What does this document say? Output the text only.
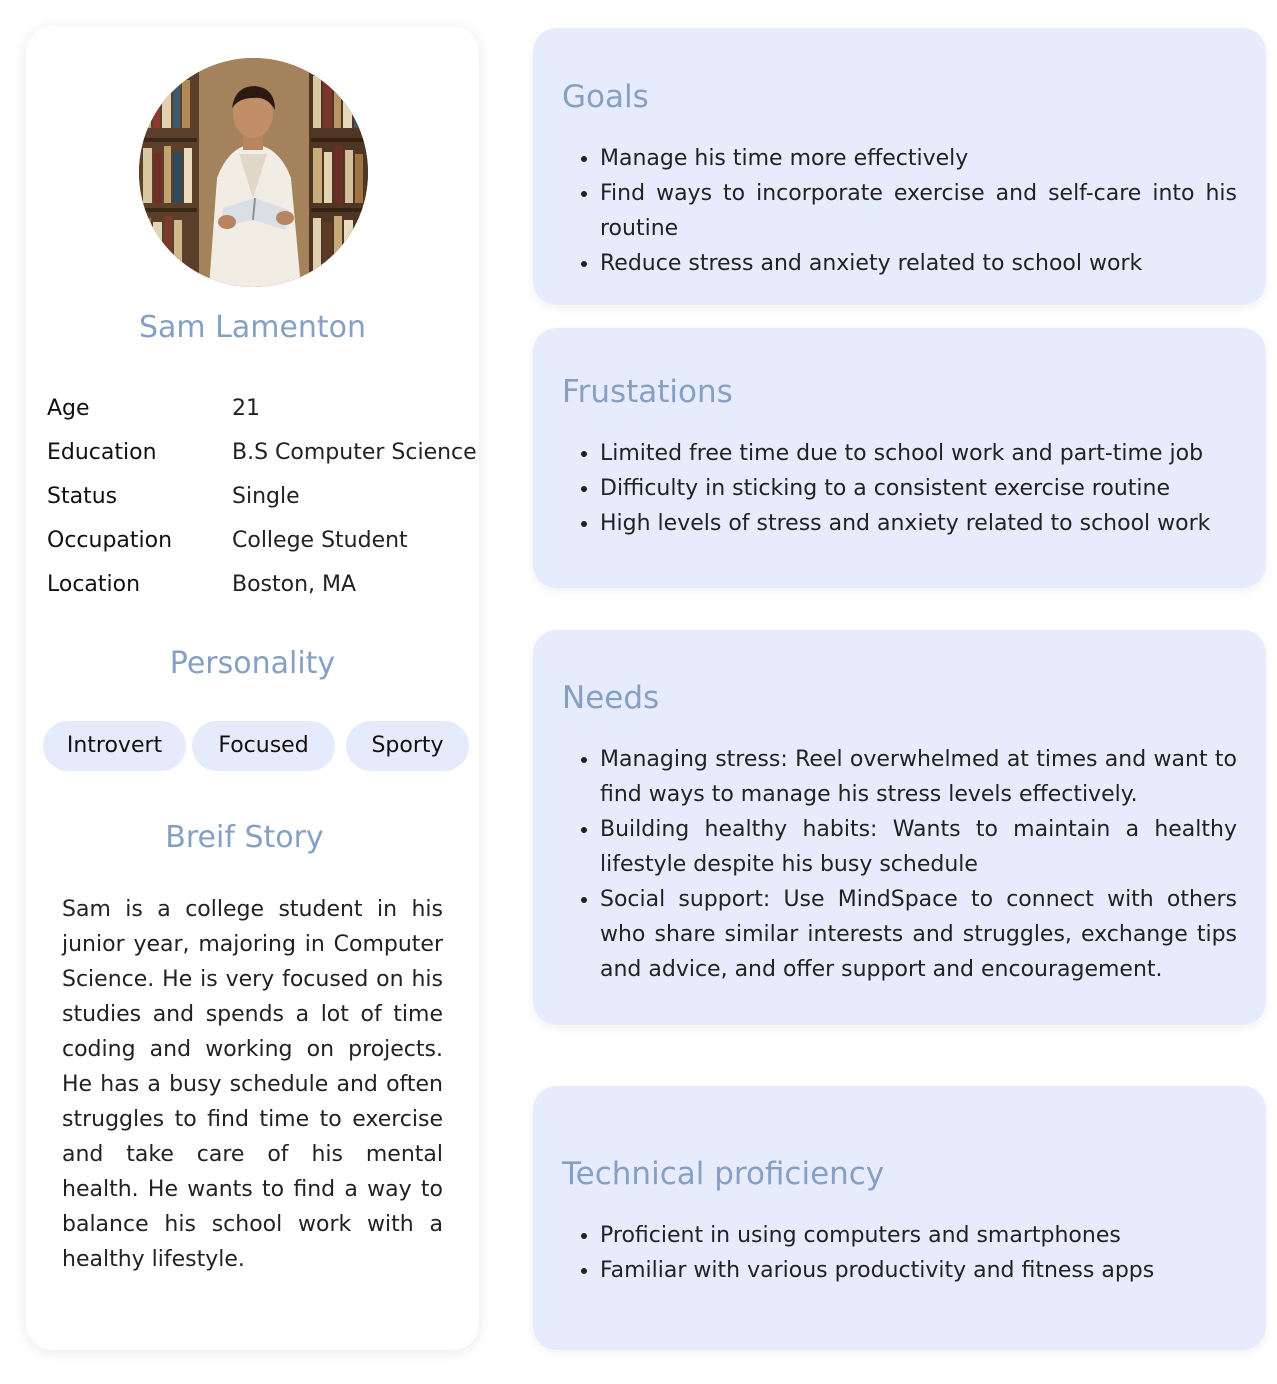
Sam Lamenton
Age	21
Education	B.S Computer Science
Status	Single
Occupation	College Student
Location	Boston, MA
Personality
Introvert	Focused	Sporty
Breif Story
Sam is a college student in his junior year, majoring in Computer Science. He is very focused on his studies and spends a lot of time coding and working on projects. He has a busy schedule and often struggles to find time to exercise and take care of his mental health. He wants to find a way to balance his school work with a healthy lifestyle.
Goals
• Manage his time more effectively
• Find ways to incorporate exercise and self-care into his routine
• Reduce stress and anxiety related to school work
Frustations
• Limited free time due to school work and part-time job
• Difficulty in sticking to a consistent exercise routine
• High levels of stress and anxiety related to school work
Needs
• Managing stress: Reel overwhelmed at times and want to find ways to manage his stress levels effectively.
• Building healthy habits: Wants to maintain a healthy lifestyle despite his busy schedule
• Social support: Use MindSpace to connect with others who share similar interests and struggles, exchange tips and advice, and offer support and encouragement.
Technical proficiency
• Proficient in using computers and smartphones
• Familiar with various productivity and fitness apps
